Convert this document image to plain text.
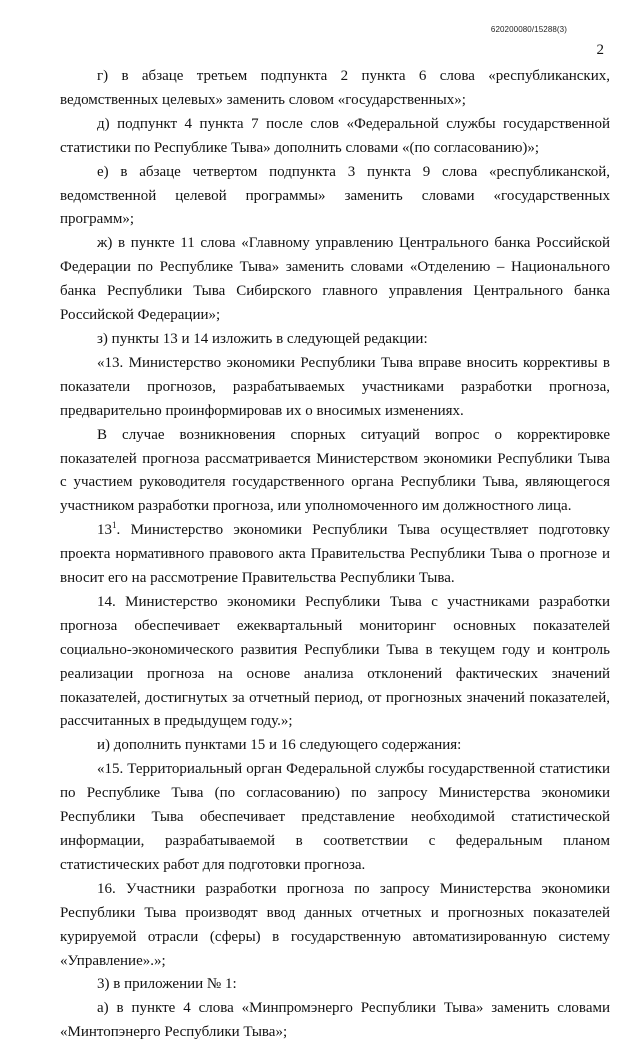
620200080/15288(3)
2

г) в абзаце третьем подпункта 2 пункта 6 слова «республиканских, ведомственных целевых» заменить словом «государственных»;

д) подпункт 4 пункта 7 после слов «Федеральной службы государственной статистики по Республике Тыва» дополнить словами «(по согласованию)»;

е) в абзаце четвертом подпункта 3 пункта 9 слова «республиканской, ведомственной целевой программы» заменить словами «государственных программ»;

ж) в пункте 11 слова «Главному управлению Центрального банка Российской Федерации по Республике Тыва» заменить словами «Отделению – Национального банка Республики Тыва Сибирского главного управления Центрального банка Российской Федерации»;

з) пункты 13 и 14 изложить в следующей редакции:

«13. Министерство экономики Республики Тыва вправе вносить коррективы в показатели прогнозов, разрабатываемых участниками разработки прогноза, предварительно проинформировав их о вносимых изменениях.

В случае возникновения спорных ситуаций вопрос о корректировке показателей прогноза рассматривается Министерством экономики Республики Тыва с участием руководителя государственного органа Республики Тыва, являющегося участником разработки прогноза, или уполномоченного им должностного лица.

$13^1$. Министерство экономики Республики Тыва осуществляет подготовку проекта нормативного правового акта Правительства Республики Тыва о прогнозе и вносит его на рассмотрение Правительства Республики Тыва.

14. Министерство экономики Республики Тыва с участниками разработки прогноза обеспечивает ежеквартальный мониторинг основных показателей социально-экономического развития Республики Тыва в текущем году и контроль реализации прогноза на основе анализа отклонений фактических значений показателей, достигнутых за отчетный период, от прогнозных значений показателей, рассчитанных в предыдущем году.»;

и) дополнить пунктами 15 и 16 следующего содержания:

«15. Территориальный орган Федеральной службы государственной статистики по Республике Тыва (по согласованию) по запросу Министерства экономики Республики Тыва обеспечивает представление необходимой статистической информации, разрабатываемой в соответствии с федеральным планом статистических работ для подготовки прогноза.

16. Участники разработки прогноза по запросу Министерства экономики Республики Тыва производят ввод данных отчетных и прогнозных показателей курируемой отрасли (сферы) в государственную автоматизированную систему «Управление».»;

3) в приложении № 1:

а) в пункте 4 слова «Минпромэнерго Республики Тыва» заменить словами «Минтопэнерго Республики Тыва»;
